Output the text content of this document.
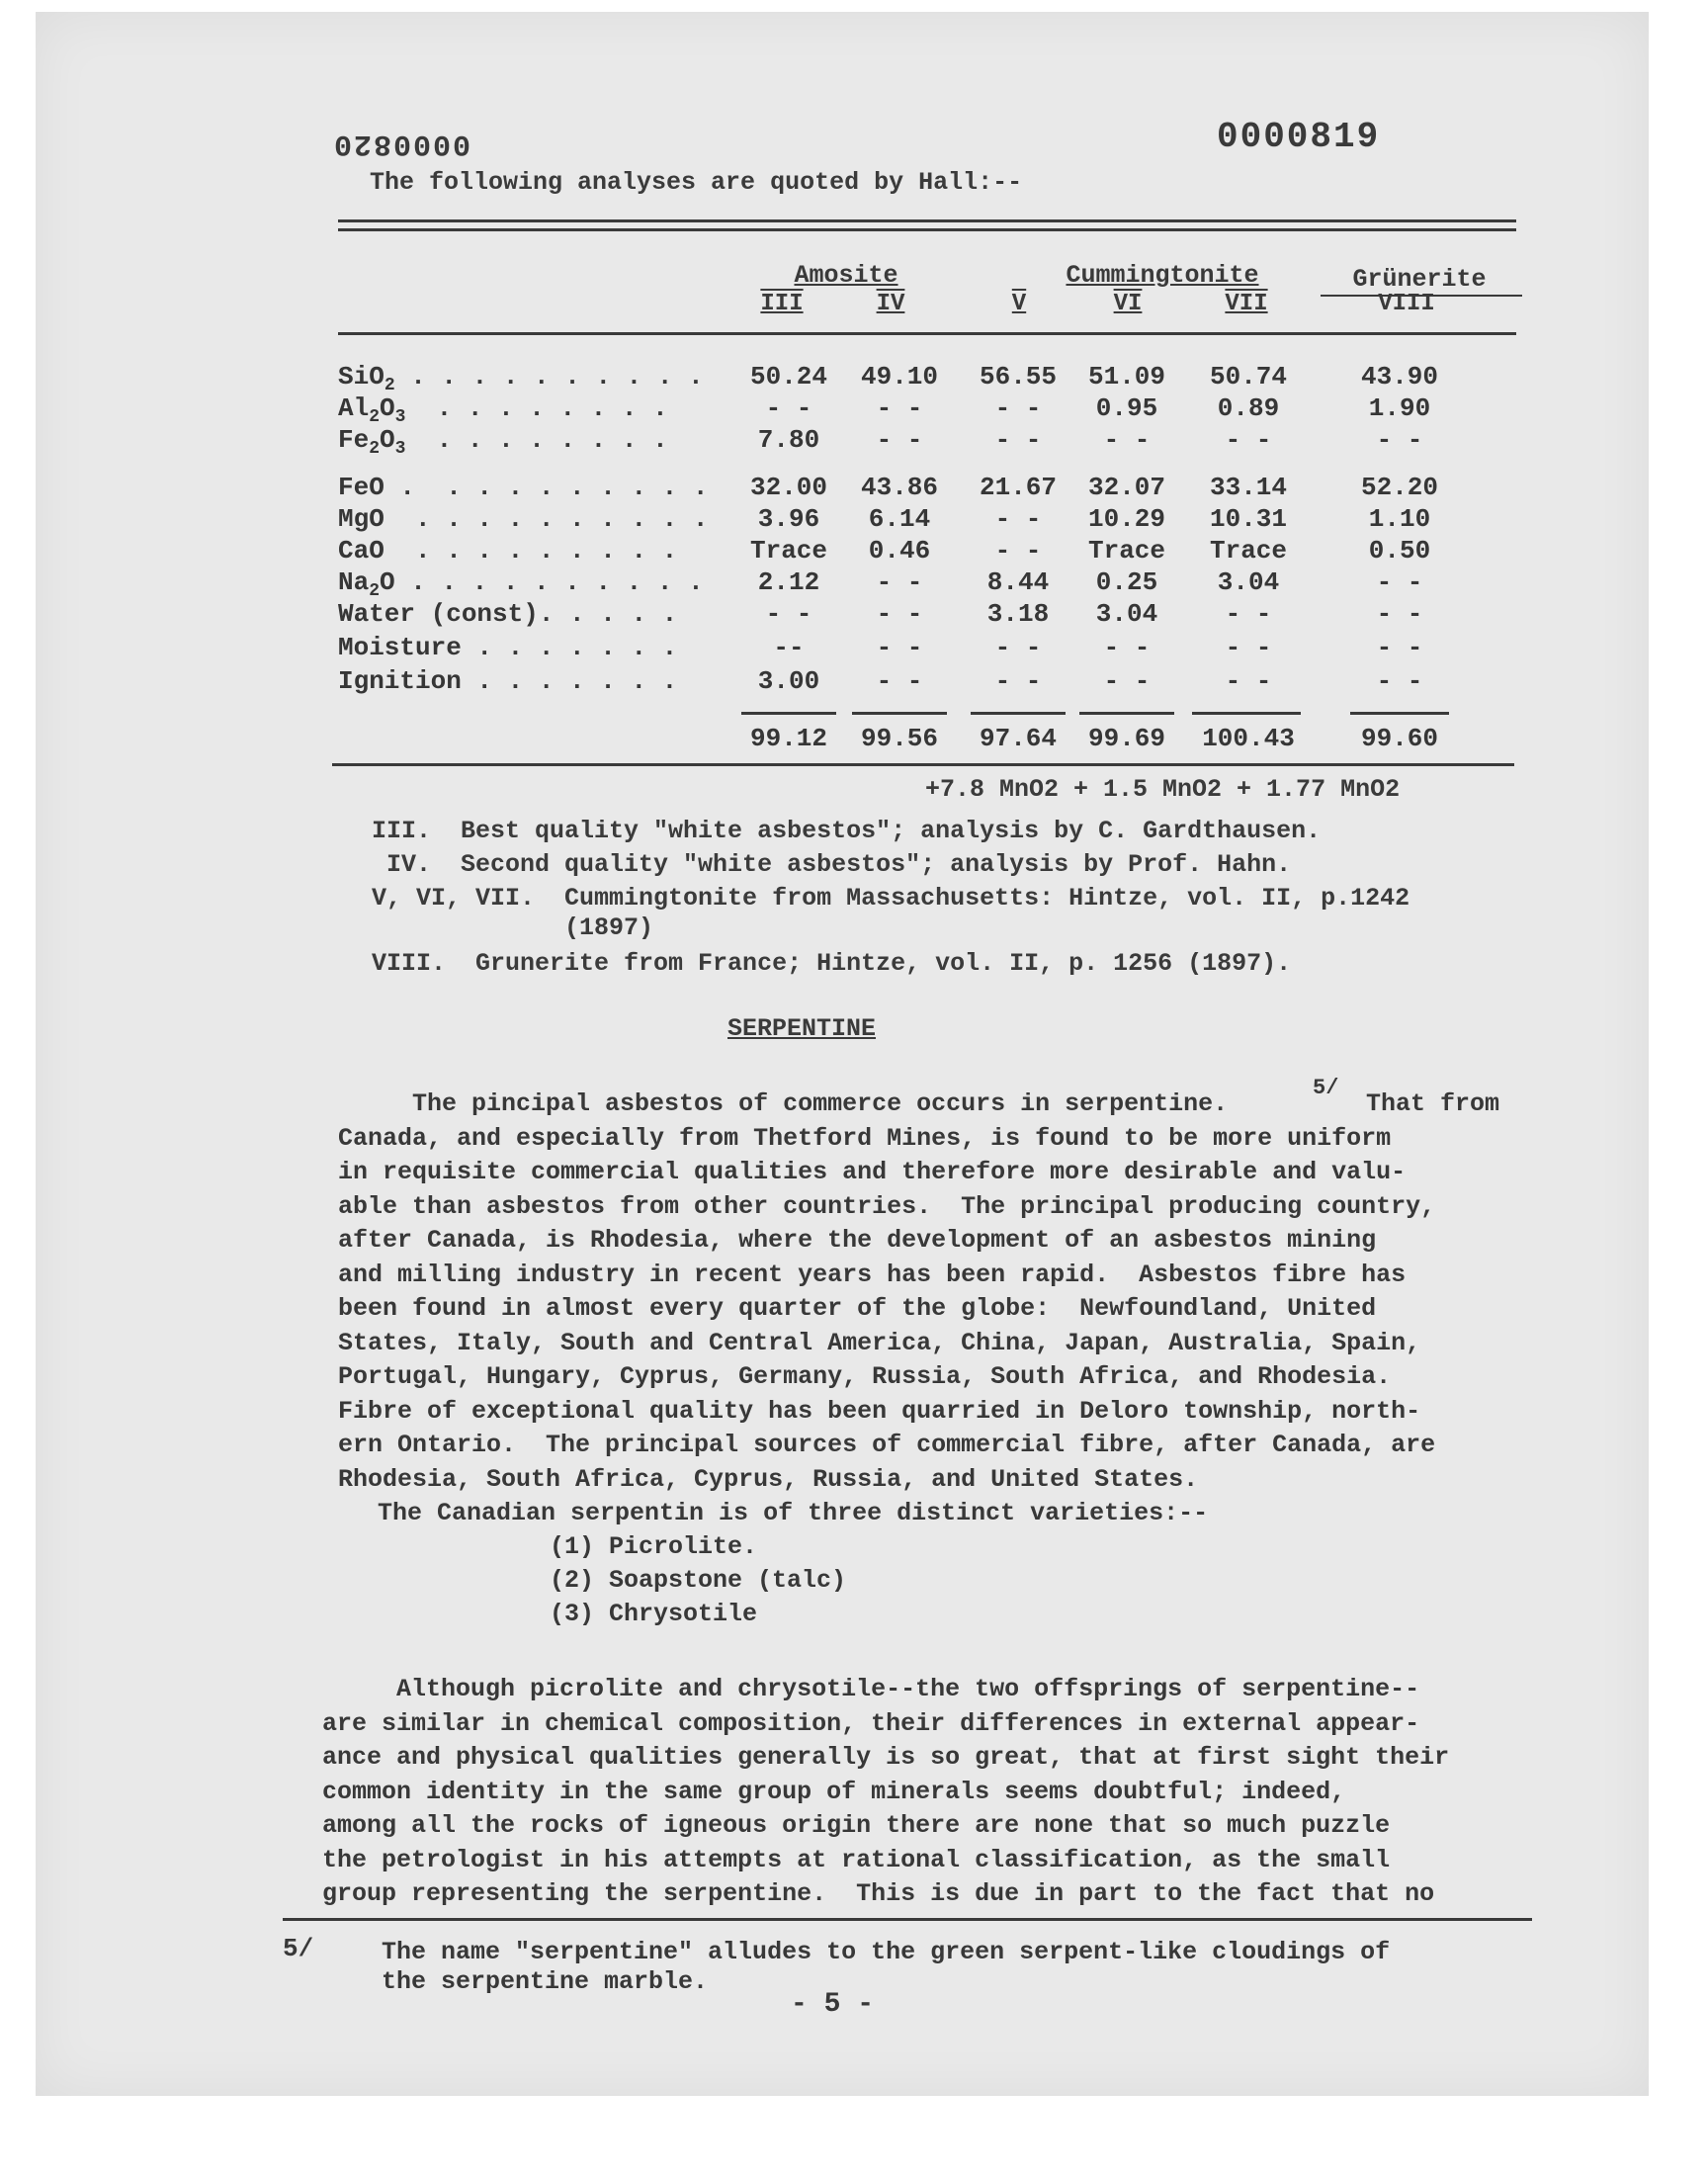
0000820	0000819
The following analyses are quoted by Hall:--
Amosite	Cummingtonite	Grünerite
III	IV	V	VI	VII	VIII
SiO$_2$ . . . . . . . . . .	50.24	49.10	56.55	51.09	50.74	43.90
$Al_2O_3$  . . . . . . . .	- -	- -	- -	0.95	0.89	1.90
$Fe_2O_3$  . . . . . . . .	7.80	- -	- -	- -	- -	- -
FeO .  . . . . . . . . .	32.00	43.86	21.67	32.07	33.14	52.20
MgO  . . . . . . . . . .	3.96	6.14	- -	10.29	10.31	1.10
CaO  . . . . . . . . .	Trace	0.46	- -	Trace	Trace	0.50
$Na_2O$ . . . . . . . . . .	2.12	- -	8.44	0.25	3.04	- -
Water (const). . . . .	- -	- -	3.18	3.04	- -	- -
Moisture . . . . . . .	--	- -	- -	- -	- -	- -
Ignition . . . . . . .	3.00	- -	- -	- -	- -	- -
99.12	99.56	97.64	99.69	100.43	99.60
+7.8 MnO2 + 1.5 MnO2 + 1.77 MnO2
III.  Best quality "white asbestos"; analysis by C. Gardthausen.
IV.  Second quality "white asbestos"; analysis by Prof. Hahn.
V, VI, VII.  Cummingtonite from Massachusetts: Hintze, vol. II, p.1242
(1897)
VIII.  Grunerite from France; Hintze, vol. II, p. 1256 (1897).
SERPENTINE
The pincipal asbestos of commerce occurs in serpentine.
Canada, and especially from Thetford Mines, is found to be more uniform
in requisite commercial qualities and therefore more desirable and valu-
able than asbestos from other countries.  The principal producing country,
after Canada, is Rhodesia, where the development of an asbestos mining
and milling industry in recent years has been rapid.  Asbestos fibre has
been found in almost every quarter of the globe:  Newfoundland, United
States, Italy, South and Central America, China, Japan, Australia, Spain,
Portugal, Hungary, Cyprus, Germany, Russia, South Africa, and Rhodesia.
Fibre of exceptional quality has been quarried in Deloro township, north-
ern Ontario.  The principal sources of commercial fibre, after Canada, are
Rhodesia, South Africa, Cyprus, Russia, and United States.
5/
That from
The Canadian serpentin is of three distinct varieties:--
(1) Picrolite.
(2) Soapstone (talc)
(3) Chrysotile
Although picrolite and chrysotile--the two offsprings of serpentine--
are similar in chemical composition, their differences in external appear-
ance and physical qualities generally is so great, that at first sight their
common identity in the same group of minerals seems doubtful; indeed,
among all the rocks of igneous origin there are none that so much puzzle
the petrologist in his attempts at rational classification, as the small
group representing the serpentine.  This is due in part to the fact that no
5/	The name "serpentine" alludes to the green serpent-like cloudings of
the serpentine marble.
- 5 -
